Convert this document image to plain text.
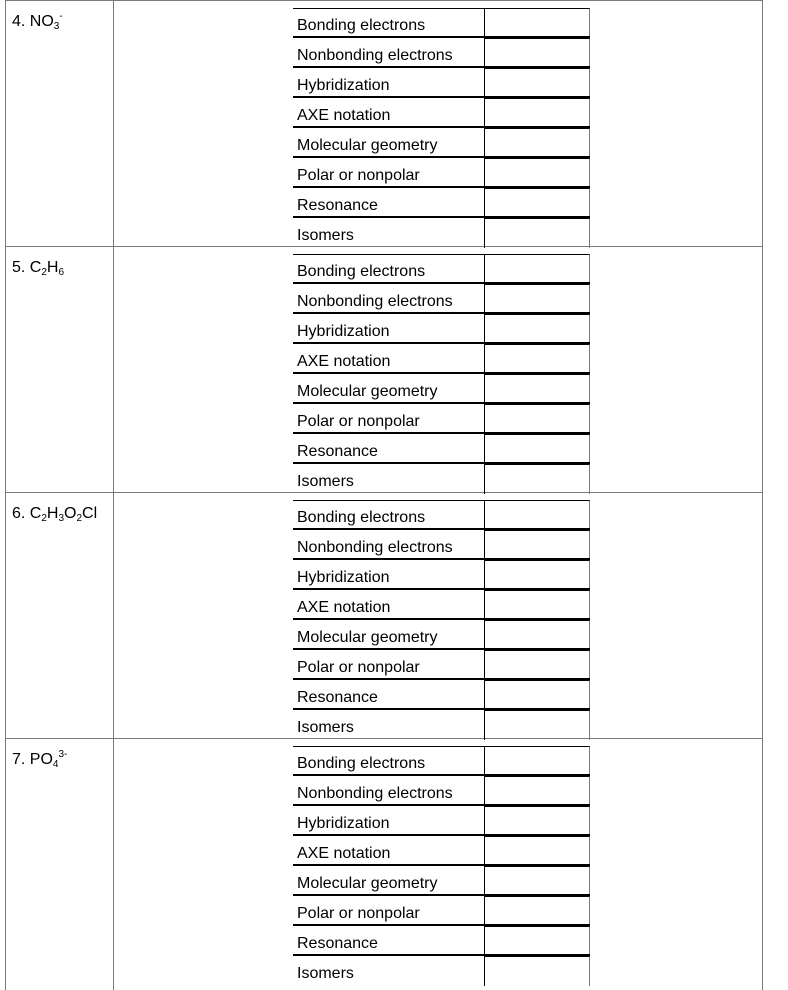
4. $NO_3^-$
Bonding electrons
Nonbonding electrons
Hybridization
AXE notation
Molecular geometry
Polar or nonpolar
Resonance
Isomers
5. $C_2H_6$	Bonding electrons
Nonbonding electrons
Hybridization
AXE notation
Molecular geometry
Polar or nonpolar
Resonance
Isomers
6. $C_2H_3O_2Cl$	Bonding electrons
Nonbonding electrons
Hybridization
AXE notation
Molecular geometry
Polar or nonpolar
Resonance
Isomers
7. $PO_4^{3-}$
Bonding electrons
Nonbonding electrons
Hybridization
AXE notation
Molecular geometry
Polar or nonpolar
Resonance
Isomers
